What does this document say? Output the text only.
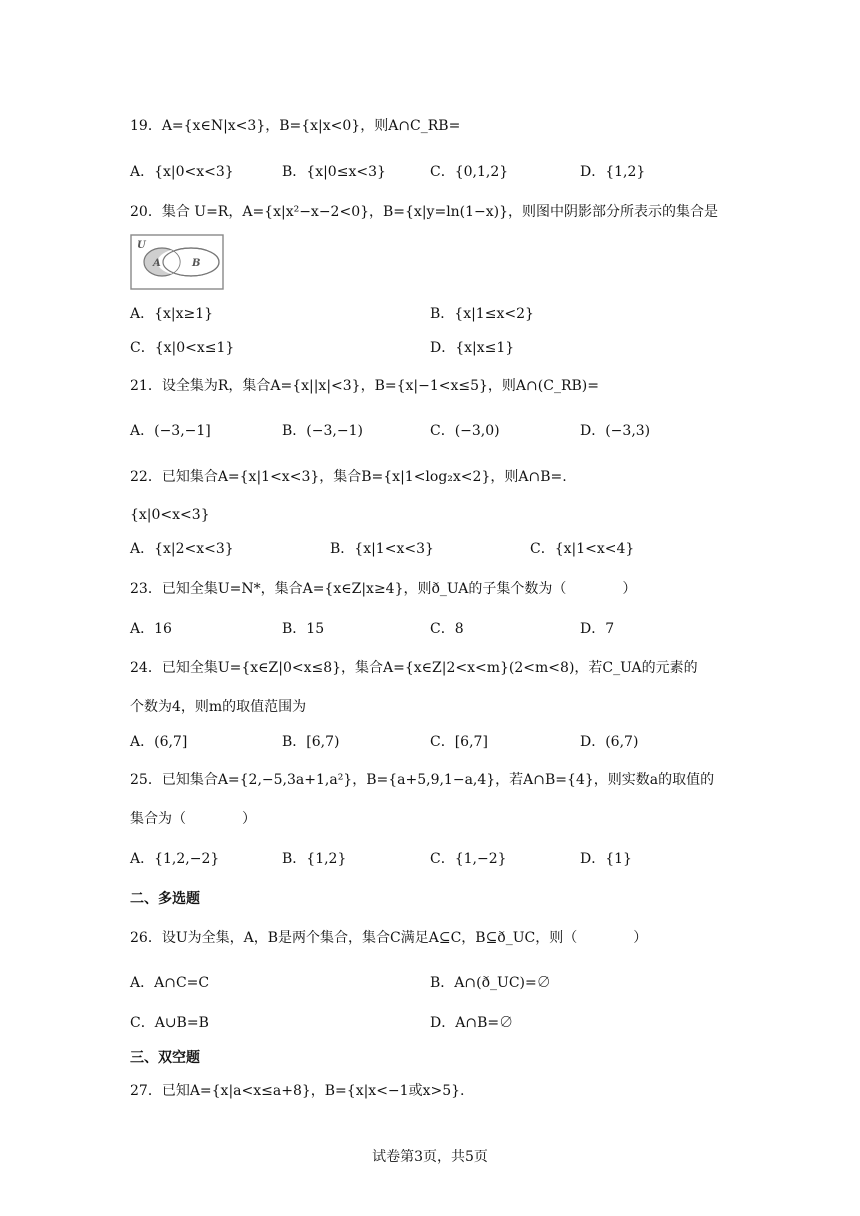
19．A={x∈N|x<3}，B={x|x<0}，则A∩C_RB=
A．{x|0<x<3}	B．{x|0≤x<3}	C．{0,1,2}	D．{1,2}
20．集合 U=R，A={x|x²−x−2<0}，B={x|y=ln(1−x)}，则图中阴影部分所表示的集合是
U
A	B
A．{x|x≥1}	B．{x|1≤x<2}
C．{x|0<x≤1}	D．{x|x≤1}
21．设全集为R，集合A={x||x|<3}，B={x|−1<x≤5}，则A∩(C_RB)=
A．(−3,−1]	B．(−3,−1)	C．(−3,0)	D．(−3,3)
22．已知集合A={x|1<x<3}，集合B={x|1<log₂x<2}，则A∩B=.
{x|0<x<3}
A．{x|2<x<3}	B．{x|1<x<3}	C．{x|1<x<4}
23．已知全集U=N*，集合A={x∈Z|x≥4}，则ð_UA的子集个数为（　　　　）
A．16	B．15	C．8	D．7
24．已知全集U={x∈Z|0<x≤8}，集合A={x∈Z|2<x<m}(2<m<8)，若C_UA的元素的
个数为4，则m的取值范围为
A．(6,7]	B．[6,7)	C．[6,7]	D．(6,7)
25．已知集合A={2,−5,3a+1,a²}，B={a+5,9,1−a,4}，若A∩B={4}，则实数a的取值的
集合为（　　　　）
A．{1,2,−2}	B．{1,2}	C．{1,−2}	D．{1}
二、多选题
26．设U为全集，A，B是两个集合，集合C满足A⊆C，B⊆ð_UC，则（　　　　）
A．A∩C=C	B．A∩(ð_UC)=∅
C．A∪B=B	D．A∩B=∅
三、双空题
27．已知A={x|a<x≤a+8}，B={x|x<−1或x>5}.
试卷第3页，共5页
